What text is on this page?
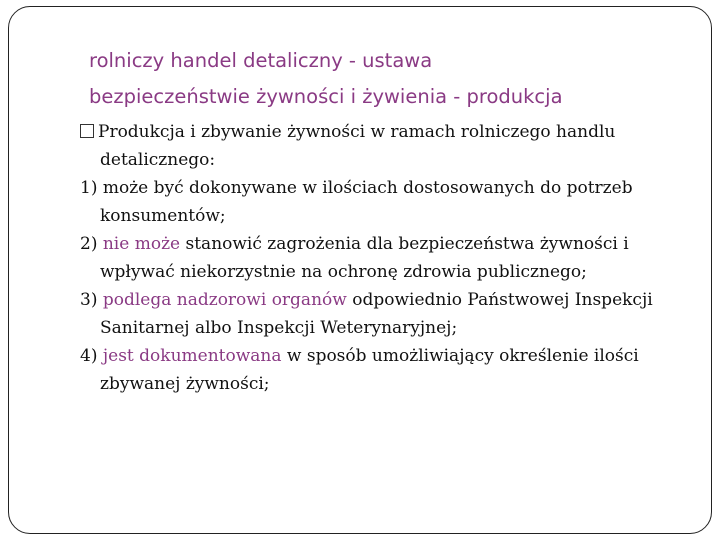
rolniczy handel detaliczny - ustawa
bezpieczeństwie żywności i żywienia - produkcja

Produkcja i zbywanie żywności w ramach rolniczego handlu detalicznego:

1) może być dokonywane w ilościach dostosowanych do potrzeb konsumentów;

2) nie może stanowić zagrożenia dla bezpieczeństwa żywności i wpływać niekorzystnie na ochronę zdrowia publicznego;

3) podlega nadzorowi organów odpowiednio Państwowej Inspekcji Sanitarnej albo Inspekcji Weterynaryjnej;

4) jest dokumentowana w sposób umożliwiający określenie ilości zbywanej żywności;
